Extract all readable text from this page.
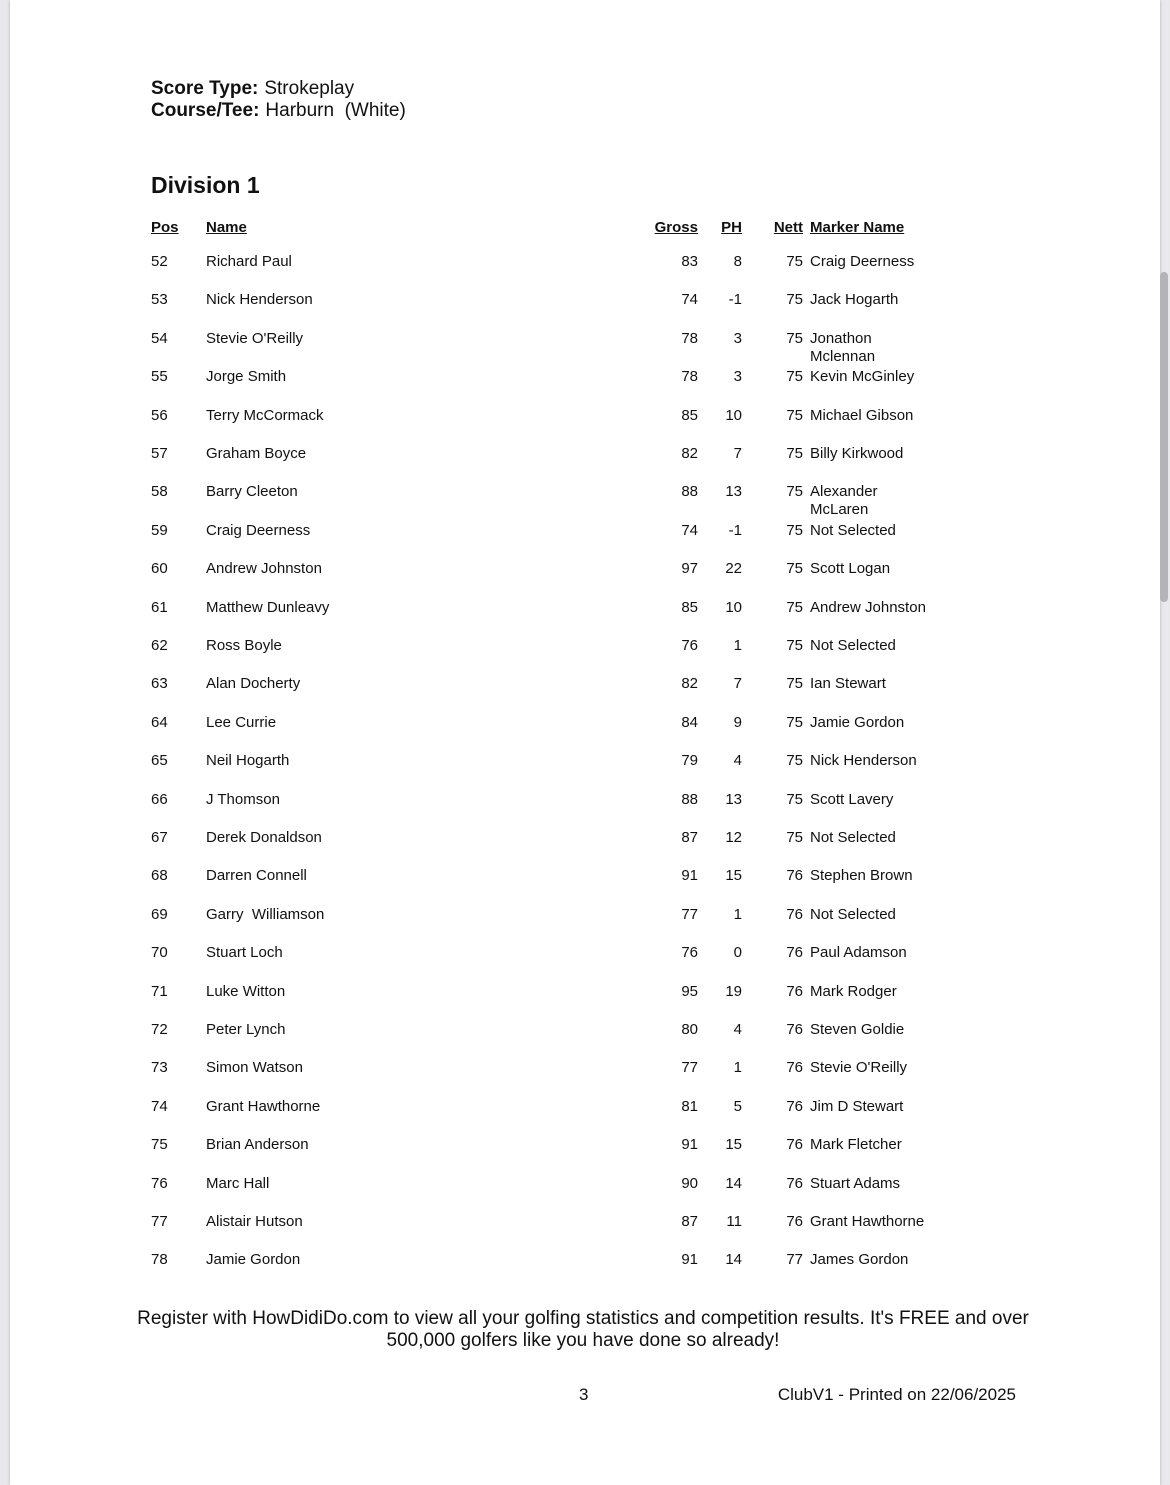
Score Type: Strokeplay
Course/Tee: Harburn  (White)
Division 1
Pos Name	Gross PH Nett Marker Name
52	Richard Paul	83 8	75 Craig Deerness
53	Nick Henderson	74 -1	75 Jack Hogarth
54	Stevie O'Reilly	78 3	75 Jonathon Mclennan
55	Jorge Smith	78 3	75 Kevin McGinley
56	Terry McCormack	85 10	75 Michael Gibson
57	Graham Boyce	82 7	75 Billy Kirkwood
58	Barry Cleeton	88 13	75 Alexander McLaren
59	Craig Deerness	74 -1	75 Not Selected
60	Andrew Johnston	97 22	75 Scott Logan
61	Matthew Dunleavy	85 10	75 Andrew Johnston
62	Ross Boyle	76 1	75 Not Selected
63	Alan Docherty	82 7	75 Ian Stewart
64	Lee Currie	84 9	75 Jamie Gordon
65	Neil Hogarth	79 4	75 Nick Henderson
66	J Thomson	88 13	75 Scott Lavery
67	Derek Donaldson	87 12	75 Not Selected
68	Darren Connell	91 15	76 Stephen Brown
69	Garry  Williamson	77 1	76 Not Selected
70	Stuart Loch	76 0	76 Paul Adamson
71	Luke Witton	95 19	76 Mark Rodger
72	Peter Lynch	80 4	76 Steven Goldie
73	Simon Watson	77 1	76 Stevie O'Reilly
74	Grant Hawthorne	81 5	76 Jim D Stewart
75	Brian Anderson	91 15	76 Mark Fletcher
76	Marc Hall	90 14	76 Stuart Adams
77	Alistair Hutson	87 11	76 Grant Hawthorne
78	Jamie Gordon	91 14	77 James Gordon
Register with HowDidiDo.com to view all your golfing statistics and competition results. It's FREE and over 500,000 golfers like you have done so already!
3	ClubV1 - Printed on 22/06/2025
